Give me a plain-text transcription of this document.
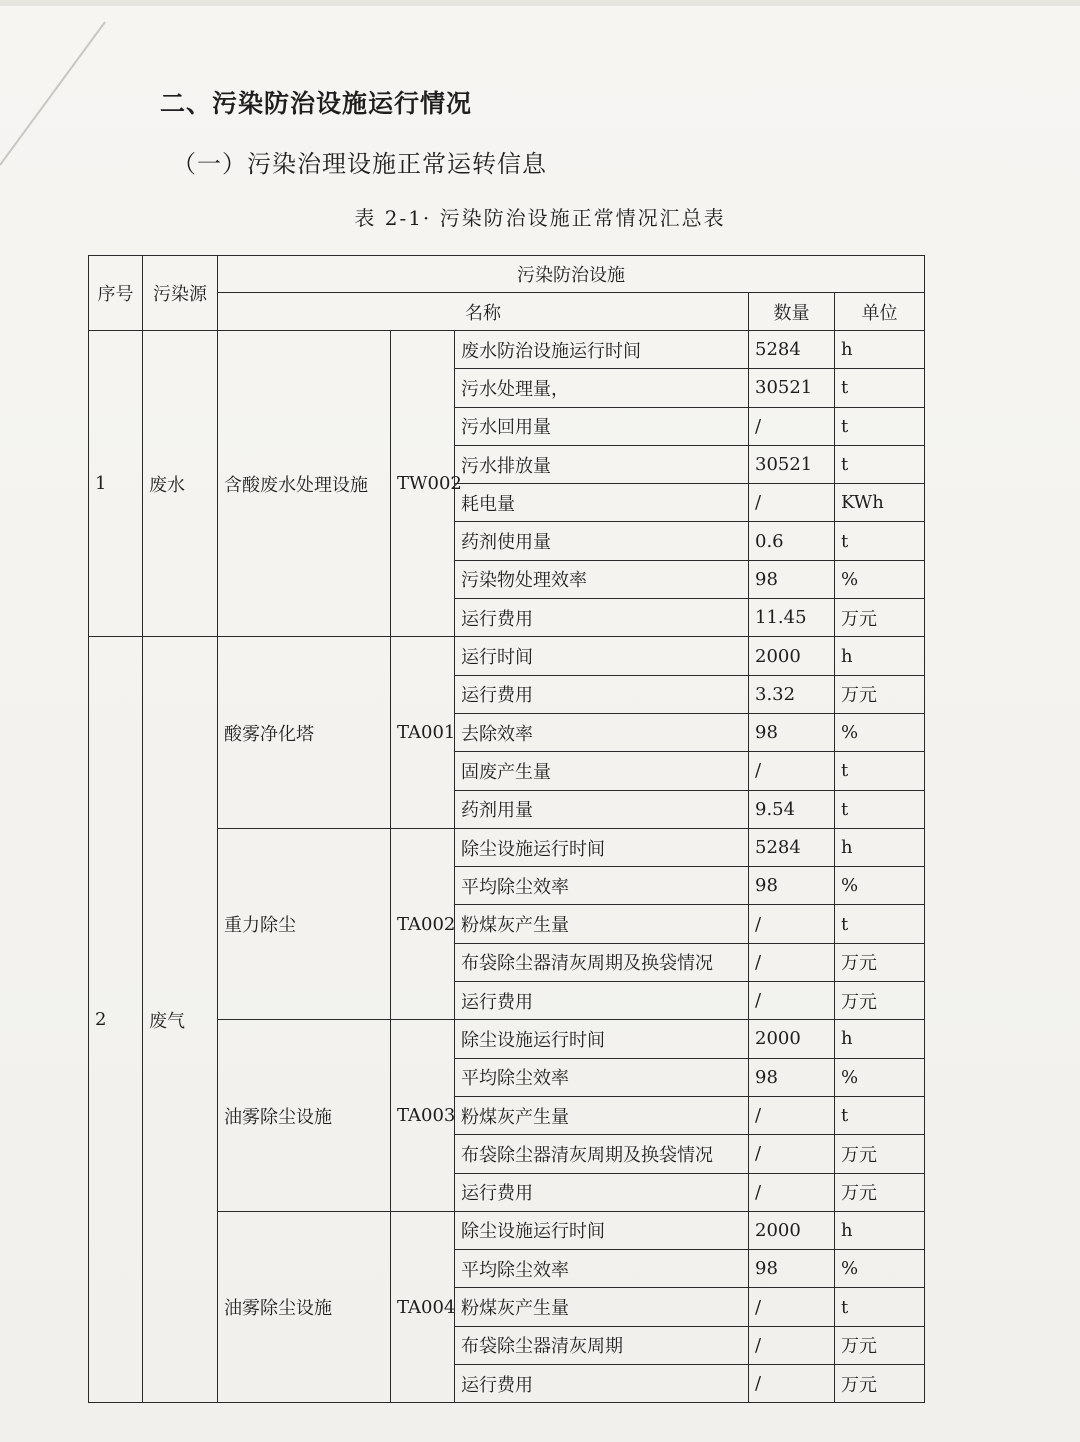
二、污染防治设施运行情况
（一）污染治理设施正常运转信息
表 2-1· 污染防治设施正常情况汇总表
序号	污染源	污染防治设施				
		名称			数量	单位
1	废水	含酸废水处理设施	TW002	废水防治设施运行时间	5284	h
				污水处理量，	30521	t
				污水回用量	/	t
				污水排放量	30521	t
				耗电量	/	KWh
				药剂使用量	0.6	t
				污染物处理效率	98	%
				运行费用	11.45	万元
2	废气	酸雾净化塔	TA001	运行时间	2000	h
				运行费用	3.32	万元
				去除效率	98	%
				固废产生量	/	t
				药剂用量	9.54	t
		重力除尘	TA002	除尘设施运行时间	5284	h
				平均除尘效率	98	%
				粉煤灰产生量	/	t
				布袋除尘器清灰周期及换袋情况	/	万元
				运行费用	/	万元
		油雾除尘设施	TA003	除尘设施运行时间	2000	h
				平均除尘效率	98	%
				粉煤灰产生量	/	t
				布袋除尘器清灰周期及换袋情况	/	万元
				运行费用	/	万元
		油雾除尘设施	TA004	除尘设施运行时间	2000	h
				平均除尘效率	98	%
				粉煤灰产生量	/	t
				布袋除尘器清灰周期	/	万元
				运行费用	/	万元
